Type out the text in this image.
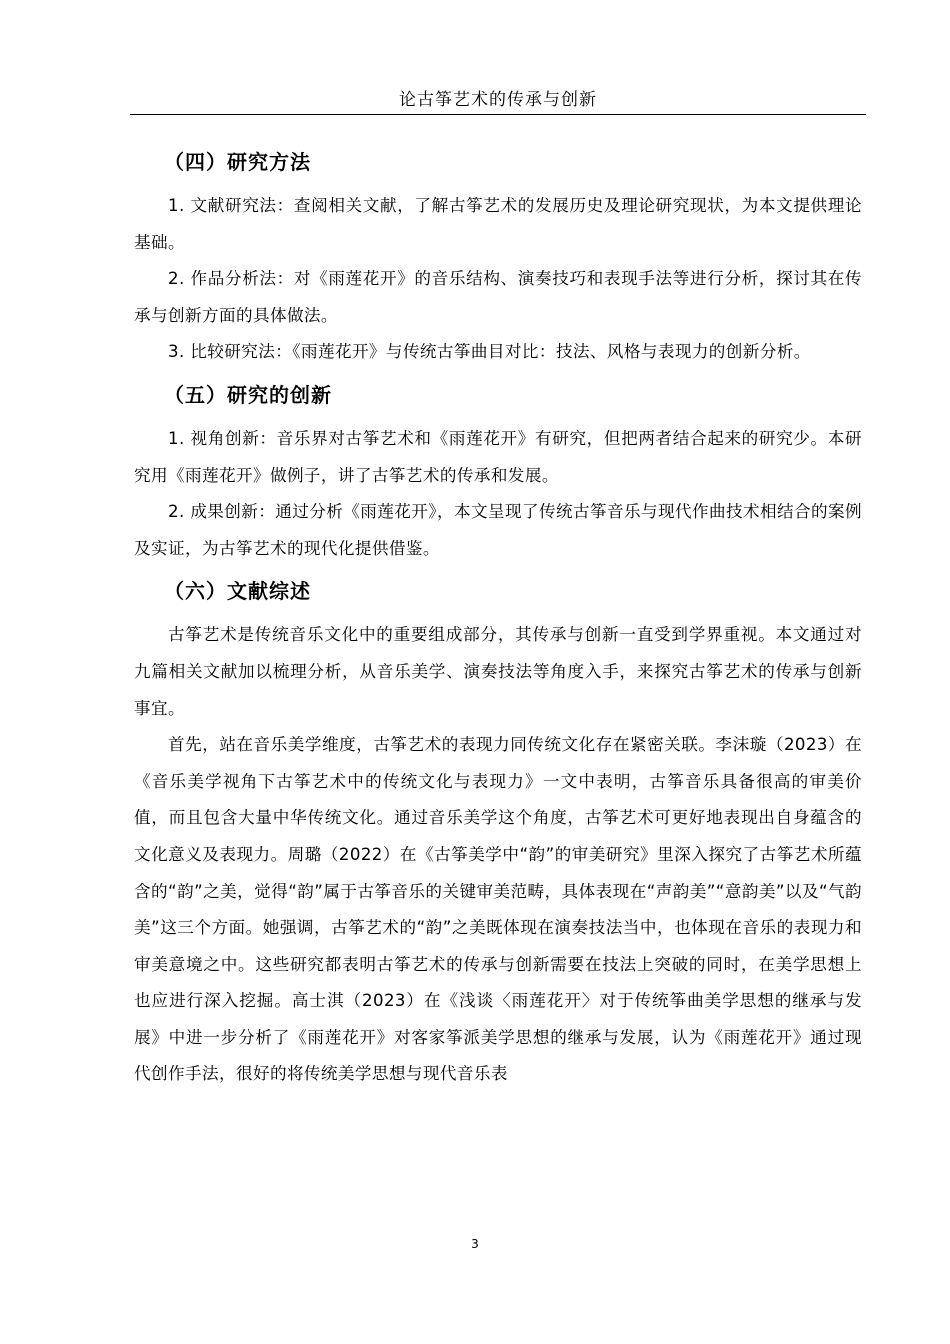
论古筝艺术的传承与创新
（四）研究方法

1. 文献研究法：查阅相关文献，了解古筝艺术的发展历史及理论研究现状，为本文提供理论基础。

2. 作品分析法：对《雨莲花开》的音乐结构、演奏技巧和表现手法等进行分析，探讨其在传承与创新方面的具体做法。

3. 比较研究法：《雨莲花开》与传统古筝曲目对比：技法、风格与表现力的创新分析。

（五）研究的创新

1. 视角创新：音乐界对古筝艺术和《雨莲花开》有研究，但把两者结合起来的研究少。本研究用《雨莲花开》做例子，讲了古筝艺术的传承和发展。

2. 成果创新：通过分析《雨莲花开》，本文呈现了传统古筝音乐与现代作曲技术相结合的案例及实证，为古筝艺术的现代化提供借鉴。

（六）文献综述

古筝艺术是传统音乐文化中的重要组成部分，其传承与创新一直受到学界重视。本文通过对九篇相关文献加以梳理分析，从音乐美学、演奏技法等角度入手，来探究古筝艺术的传承与创新事宜。

首先，站在音乐美学维度，古筝艺术的表现力同传统文化存在紧密关联。李沫璇（2023）在《音乐美学视角下古筝艺术中的传统文化与表现力》一文中表明，古筝音乐具备很高的审美价值，而且包含大量中华传统文化。通过音乐美学这个角度，古筝艺术可更好地表现出自身蕴含的文化意义及表现力。周璐（2022）在《古筝美学中“韵”的审美研究》里深入探究了古筝艺术所蕴含的“韵”之美，觉得“韵”属于古筝音乐的关键审美范畴，具体表现在“声韵美”“意韵美”以及“气韵美”这三个方面。她强调，古筝艺术的“韵”之美既体现在演奏技法当中，也体现在音乐的表现力和审美意境之中。这些研究都表明古筝艺术的传承与创新需要在技法上突破的同时，在美学思想上也应进行深入挖掘。高士淇（2023）在《浅谈〈雨莲花开〉对于传统筝曲美学思想的继承与发展》中进一步分析了《雨莲花开》对客家筝派美学思想的继承与发展，认为《雨莲花开》通过现代创作手法，很好的将传统美学思想与现代音乐表

3
